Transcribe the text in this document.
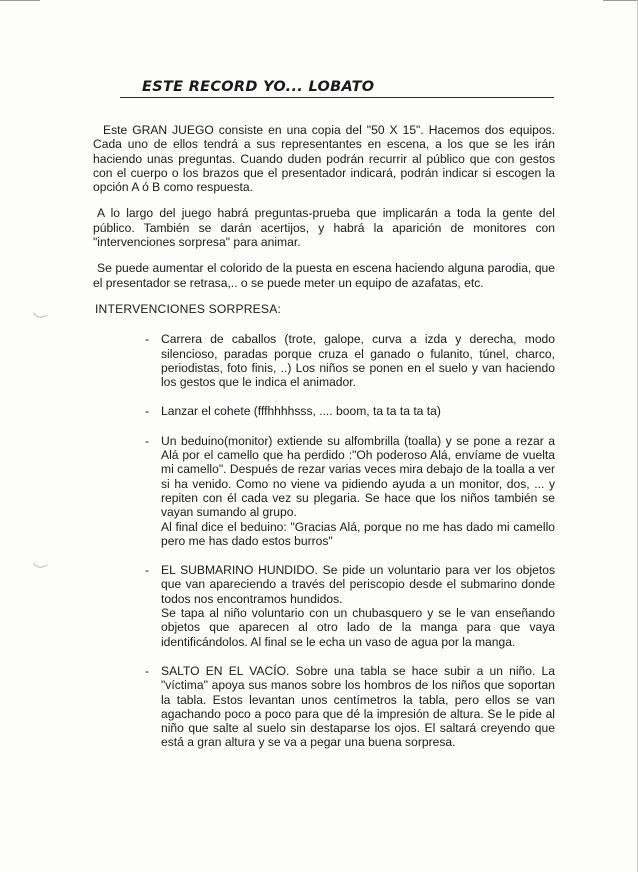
ESTE RECORD YO... LOBATO

Este GRAN JUEGO consiste en una copia del "50 X 15". Hacemos dos equipos. Cada uno de ellos tendrá a sus representantes en escena, a los que se les irán haciendo unas preguntas. Cuando duden podrán recurrir al público que con gestos con el cuerpo o los brazos que el presentador indicará, podrán indicar si escogen la opción A ó B como respuesta.

A lo largo del juego habrá preguntas-prueba que implicarán a toda la gente del público. También se darán acertijos, y habrá la aparición de monitores con "intervenciones sorpresa" para animar.

Se puede aumentar el colorido de la puesta en escena haciendo alguna parodia, que el presentador se retrasa,.. o se puede meter un equipo de azafatas, etc.

INTERVENCIONES SORPRESA:
- Carrera de caballos (trote, galope, curva a izda y derecha, modo silencioso, paradas porque cruza el ganado o fulanito, túnel, charco, periodistas, foto finis, ..) Los niños se ponen en el suelo y van haciendo los gestos que le indica el animador.
- Lanzar el cohete (fffhhhhsss, .... boom, ta ta ta ta ta)
- Un beduino(monitor) extiende su alfombrilla (toalla) y se pone a rezar a Alá por el camello que ha perdido :"Oh poderoso Alá, envíame de vuelta mi camello". Después de rezar varias veces mira debajo de la toalla a ver si ha venido. Como no viene va pidiendo ayuda a un monitor, dos, ... y repiten con él cada vez su plegaria. Se hace que los niños también se vayan sumando al grupo.
Al final dice el beduino: "Gracias Alá, porque no me has dado mi camello pero me has dado estos burros"
- EL SUBMARINO HUNDIDO. Se pide un voluntario para ver los objetos que van apareciendo a través del periscopio desde el submarino donde todos nos encontramos hundidos.
Se tapa al niño voluntario con un chubasquero y se le van enseñando objetos que aparecen al otro lado de la manga para que vaya identificándolos. Al final se le echa un vaso de agua por la manga.
- SALTO EN EL VACÍO. Sobre una tabla se hace subir a un niño. La "víctima" apoya sus manos sobre los hombros de los niños que soportan la tabla. Estos levantan unos centímetros la tabla, pero ellos se van agachando poco a poco para que dé la impresión de altura. Se le pide al niño que salte al suelo sin destaparse los ojos. El saltará creyendo que está a gran altura y se va a pegar una buena sorpresa.
